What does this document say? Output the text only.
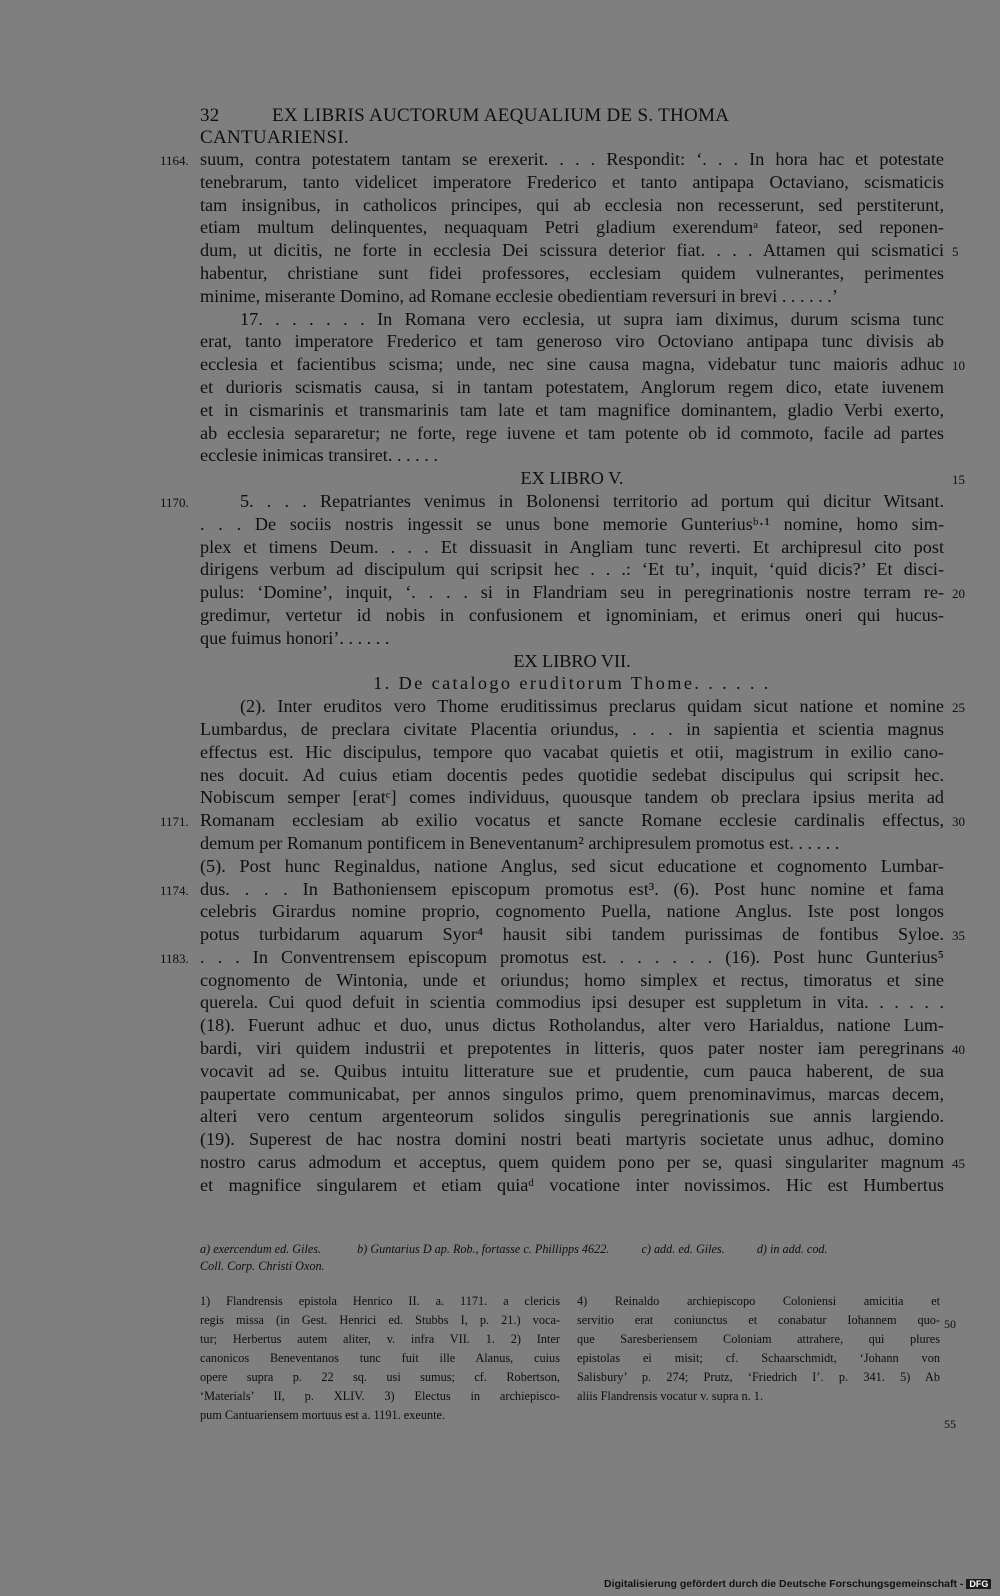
32	EX LIBRIS AUCTORUM AEQUALIUM DE S. THOMA CANTUARIENSI.
1164. suum, contra potestatem tantam se erexerit. . . . Respondit: ‘. . . In hora hac et potestate
tenebrarum, tanto videlicet imperatore Frederico et tanto antipapa Octaviano, scismaticis
tam insignibus, in catholicos principes, qui ab ecclesia non recesserunt, sed perstiterunt,
etiam multum delinquentes, nequaquam Petri gladium exerendumᵃ fateor, sed reponen-
dum, ut dicitis, ne forte in ecclesia Dei scissura deterior fiat. . . . Attamen qui scismatici 5
habentur, christiane sunt fidei professores, ecclesiam quidem vulnerantes, perimentes
minime, miserante Domino, ad Romane ecclesie obedientiam reversuri in brevi . . . . . .’
17. . . . . . . In Romana vero ecclesia, ut supra iam diximus, durum scisma tunc
erat, tanto imperatore Frederico et tam generoso viro Octoviano antipapa tunc divisis ab
ecclesia et facientibus scisma; unde, nec sine causa magna, videbatur tunc maioris adhuc 10
et durioris scismatis causa, si in tantam potestatem, Anglorum regem dico, etate iuvenem
et in cismarinis et transmarinis tam late et tam magnifice dominantem, gladio Verbi exerto,
ab ecclesia separaretur; ne forte, rege iuvene et tam potente ob id commoto, facile ad partes
ecclesie inimicas transiret. . . . . .
EX LIBRO V.	15
1170.	5. . . . Repatriantes venimus in Bolonensi territorio ad portum qui dicitur Witsant.
. . . De sociis nostris ingessit se unus bone memorie Gunteriusᵇ·¹ nomine, homo sim-
plex et timens Deum. . . . Et dissuasit in Angliam tunc reverti. Et archipresul cito post
dirigens verbum ad discipulum qui scripsit hec . . .: ‘Et tu’, inquit, ‘quid dicis?’ Et disci-
pulus: ‘Domine’, inquit, ‘. . . . si in Flandriam seu in peregrinationis nostre terram re- 20
gredimur, vertetur id nobis in confusionem et ignominiam, et erimus oneri qui hucus-
que fuimus honori’. . . . . .
EX LIBRO VII.
1. De catalogo eruditorum Thome. . . . . .
(2). Inter eruditos vero Thome eruditissimus preclarus quidam sicut natione et nomine 25
Lumbardus, de preclara civitate Placentia oriundus, . . . in sapientia et scientia magnus
effectus est. Hic discipulus, tempore quo vacabat quietis et otii, magistrum in exilio cano-
nes docuit. Ad cuius etiam docentis pedes quotidie sedebat discipulus qui scripsit hec.
Nobiscum semper [eratᶜ] comes individuus, quousque tandem ob preclara ipsius merita ad
1171. Romanam ecclesiam ab exilio vocatus et sancte Romane ecclesie cardinalis effectus, 30
demum per Romanum pontificem in Beneventanum² archipresulem promotus est. . . . . .
(5). Post hunc Reginaldus, natione Anglus, sed sicut educatione et cognomento Lumbar-
1174. dus. . . . In Bathoniensem episcopum promotus est³. (6). Post hunc nomine et fama
celebris Girardus nomine proprio, cognomento Puella, natione Anglus. Iste post longos
potus turbidarum aquarum Syor⁴ hausit sibi tandem purissimas de fontibus Syloe. 35
1183. . . . In Conventrensem episcopum promotus est. . . . . . . (16). Post hunc Gunterius⁵
cognomento de Wintonia, unde et oriundus; homo simplex et rectus, timoratus et sine
querela. Cui quod defuit in scientia commodius ipsi desuper est suppletum in vita. . . . . .
(18). Fuerunt adhuc et duo, unus dictus Rotholandus, alter vero Harialdus, natione Lum-
bardi, viri quidem industrii et prepotentes in litteris, quos pater noster iam peregrinans 40
vocavit ad se. Quibus intuitu litterature sue et prudentie, cum pauca haberent, de sua
paupertate communicabat, per annos singulos primo, quem prenominavimus, marcas decem,
alteri vero centum argenteorum solidos singulis peregrinationis sue annis largiendo.
(19). Superest de hac nostra domini nostri beati martyris societate unus adhuc, domino
nostro carus admodum et acceptus, quem quidem pono per se, quasi singulariter magnum 45
et magnifice singularem et etiam quiaᵈ vocatione inter novissimos. Hic est Humbertus
a) exercendum ed. Giles.	b) Guntarius D ap. Rob., fortasse c. Phillipps 4622.	c) add. ed. Giles.	d) in add. cod.
Coll. Corp. Christi Oxon.
1) Flandrensis epistola Henrico II. a. 1171. a clericis
regis missa (in Gest. Henrici ed. Stubbs I, p. 21.) voca-
tur; Herbertus autem aliter, v. infra VII. 1. 2) Inter
canonicos Beneventanos tunc fuit ille Alanus, cuius
opere supra p. 22 sq. usi sumus; cf. Robertson,
‘Materials’ II, p. XLIV. 3) Electus in archiepisco-
pum Cantuariensem mortuus est a. 1191. exeunte.
4) Reinaldo archiepiscopo Coloniensi amicitia et
servitio erat coniunctus et conabatur Iohannem quo-
que Saresberiensem Coloniam attrahere, qui plures
epistolas ei misit; cf. Schaarschmidt, ‘Johann von
Salisbury’ p. 274; Prutz, ‘Friedrich I’. p. 341. 5) Ab
aliis Flandrensis vocatur v. supra n. 1.
50
55
Digitalisierung gefördert durch die Deutsche Forschungsgemeinschaft - DFG
